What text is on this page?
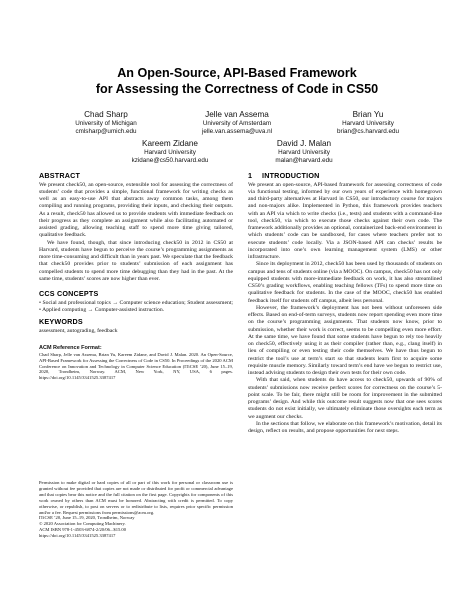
An Open-Source, API-Based Framework
for Assessing the Correctness of Code in CS50
Chad Sharp
University of Michigan
cmlsharp@umich.edu
Jelle van Assema
University of Amsterdam
jelle.van.assema@uva.nl
Brian Yu
Harvard University
brian@cs.harvard.edu
Kareem Zidane
Harvard University
kzidane@cs50.harvard.edu
David J. Malan
Harvard University
malan@harvard.edu
ABSTRACT

We present check50, an open-source, extensible tool for assessing the correctness of students’ code that provides a simple, functional framework for writing checks as well as an easy-to-use API that abstracts away common tasks, among them compiling and running programs, providing their inputs, and checking their outputs. As a result, check50 has allowed us to provide students with immediate feedback on their progress as they complete an assignment while also facilitating automated or assisted grading, allowing teaching staff to spend more time giving tailored, qualitative feedback.

We have found, though, that since introducing check50 in 2012 in CS50 at Harvard, students have begun to perceive the course’s programming assignments as more time-consuming and difficult than in years past. We speculate that the feedback that check50 provides prior to students’ submission of each assignment has compelled students to spend more time debugging than they had in the past. At the same time, students’ scores are now higher than ever.

CCS CONCEPTS

• Social and professional topics → Computer science education; Student assessment; • Applied computing → Computer-assisted instruction.

KEYWORDS

assessment, autograding, feedback

ACM Reference Format:

Chad Sharp, Jelle van Assema, Brian Yu, Kareem Zidane, and David J. Malan. 2020. An Open-Source, API-Based Framework for Assessing the Correctness of Code in CS50. In Proceedings of the 2020 ACM Conference on Innovation and Technology in Computer Science Education (ITiCSE ’20), June 15–19, 2020, Trondheim, Norway. ACM, New York, NY, USA, 6 pages. https://doi.org/10.1145/3341525.3387417

Permission to make digital or hard copies of all or part of this work for personal or classroom use is granted without fee provided that copies are not made or distributed for profit or commercial advantage and that copies bear this notice and the full citation on the first page. Copyrights for components of this work owned by others than ACM must be honored. Abstracting with credit is permitted. To copy otherwise, or republish, to post on servers or to redistribute to lists, requires prior specific permission and/or a fee. Request permissions from permissions@acm.org.

ITiCSE ’20, June 15–19, 2020, Trondheim, Norway

© 2020 Association for Computing Machinery.

ACM ISBN 978-1-4503-6874-2/20/06...$15.00

https://doi.org/10.1145/3341525.3387417

1 INTRODUCTION

We present an open-source, API-based framework for assessing correctness of code via functional testing, informed by our own years of experience with homegrown and third-party alternatives at Harvard in CS50, our introductory course for majors and non-majors alike. Implemented in Python, this framework provides teachers with an API via which to write checks (i.e., tests) and students with a command-line tool, check50, via which to execute those checks against their own code. The framework additionally provides an optional, containerized back-end environment in which students’ code can be sandboxed, for cases where teachers prefer not to execute students’ code locally. Via a JSON-based API can checks’ results be incorporated into one’s own learning management system (LMS) or other infrastructure.

Since its deployment in 2012, check50 has been used by thousands of students on campus and tens of students online (via a MOOC). On campus, check50 has not only equipped students with more-immediate feedback on work, it has also streamlined CS50’s grading workflows, enabling teaching fellows (TFs) to spend more time on qualitative feedback for students. In the case of the MOOC, check50 has enabled feedback itself for students off campus, albeit less personal.

However, the framework’s deployment has not been without unforeseen side effects. Based on end-of-term surveys, students now report spending even more time on the course’s programming assignments. That students now know, prior to submission, whether their work is correct, seems to be compelling even more effort. At the same time, we have found that some students have begun to rely too heavily on check50, effectively using it as their compiler (rather than, e.g., clang itself) in lieu of compiling or even testing their code themselves. We have thus begun to restrict the tool’s use at term’s start so that students learn first to acquire some requisite muscle memory. Similarly toward term’s end have we begun to restrict use, instead advising students to design their own tests for their own code.

With that said, when students do have access to check50, upwards of 90% of students’ submissions now receive perfect scores for correctness on the course’s 5-point scale. To be fair, there might still be room for improvement in the submitted programs’ design. And while this outcome result suggests now that one sees scores students do not exist initially, we ultimately eliminate those oversights each term as we augment our checks.

In the sections that follow, we elaborate on this framework’s motivation, detail its design, reflect on results, and propose opportunities for next steps.
